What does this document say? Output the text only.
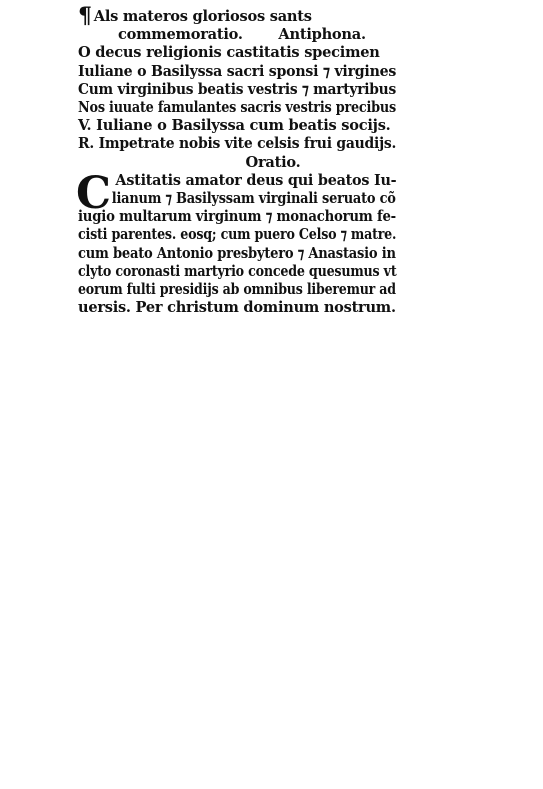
¶ Als materos gloriosos sants
commemoratio. Antiphona.
O decus religionis castitatis specimen
Iuliane o Basilyssa sacri sponsi ⁊ virgines
Cum virginibus beatis vestris ⁊ martyribus
Nos iuuate famulantes sacris vestris precibus
V. Iuliane o Basilyssa cum beatis socijs.
R. Impetrate nobis vite celsis frui gaudijs.
Oratio.
C Astitatis amator deus qui beatos Iu-
lianum ⁊ Basilyssam virginali seruato cõ
iugio multarum virginum ⁊ monachorum fe-
cisti parentes. eosq; cum puero Celso ⁊ matre.
cum beato Antonio presbytero ⁊ Anastasio in
clyto coronasti martyrio concede quesumus vt
eorum fulti presidijs ab omnibus liberemur ad
uersis. Per christum dominum nostrum.
